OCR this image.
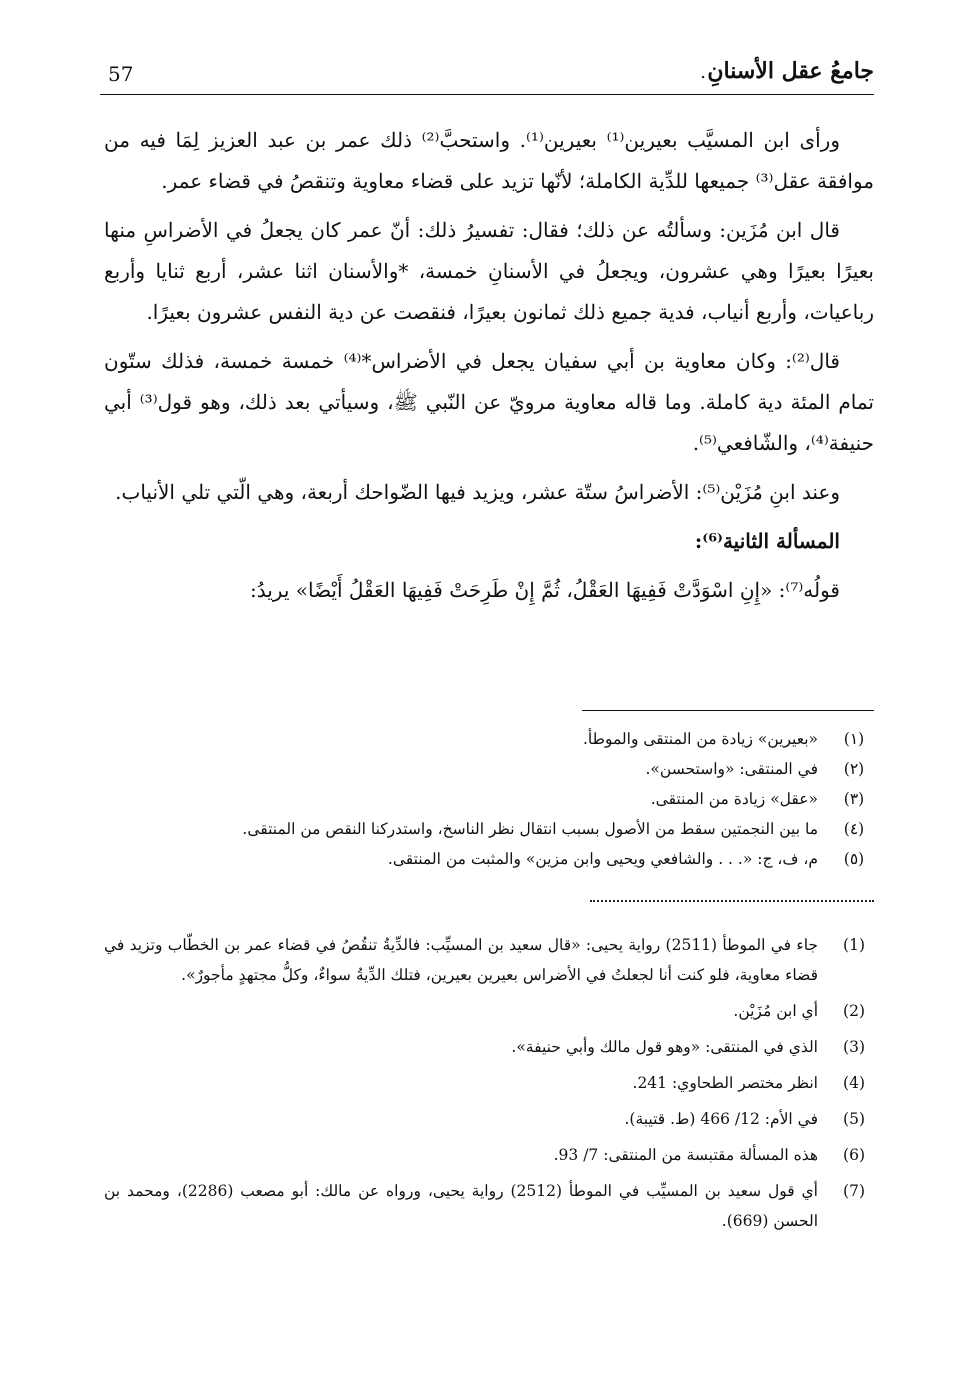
جامعُ عقل الأسنانِ
.
57

ورأى ابن المسيَّب بعيرين⁽¹⁾ بعيرين⁽¹⁾. واستحبَّ⁽²⁾ ذلك عمر بن عبد العزيز لِمَا فيه من موافقة عقل⁽³⁾ جميعها للدِّية الكاملة؛ لأنّها تزيد على قضاء معاوية وتنقصُ في قضاء عمر.

قال ابن مُزَين: وسألتُه عن ذلك؛ فقال: تفسيرُ ذلك: أنّ عمر كان يجعلُ في الأضراسِ منها بعيرًا بعيرًا وهي عشرون، ويجعلُ في الأسنانِ خمسة، *والأسنان اثنا عشر، أربع ثنايا وأربع رباعيات، وأربع أنياب، فدية جميع ذلك ثمانون بعيرًا، فنقصت عن دية النفس عشرون بعيرًا.

قال⁽²⁾: وكان معاوية بن أبي سفيان يجعل في الأضراس*⁽⁴⁾ خمسة خمسة، فذلك ستّون تمام المئة دية كاملة. وما قاله معاوية مرويّ عن النّبي ﷺ، وسيأتي بعد ذلك، وهو قول⁽³⁾ أبي حنيفة⁽⁴⁾، والشّافعي⁽⁵⁾.

وعند ابنِ مُزَيْن⁽⁵⁾: الأضراسُ ستّة عشر، ويزيد فيها الضّواحك أربعة، وهي الّتي تلي الأنياب.

المسألة الثانية⁽⁶⁾:

قولُه⁽⁷⁾: «إِنِ اسْوَدَّتْ فَفِيهَا العَقْلُ، ثُمَّ إِنْ طَرِحَتْ فَفِيهَا العَقْلُ أَيْضًا» يريدُ:

(١)
«بعيرين» زيادة من المنتقى والموطأ.
(٢)
في المنتقى: «واستحسن».
(٣)
«عقل» زيادة من المنتقى.
(٤)
ما بين النجمتين سقط من الأصول بسبب انتقال نظر الناسخ، واستدركنا النقص من المنتقى.
(٥)
م، ف، ج: «. . . والشافعي ويحيى وابن مزين» والمثبت من المنتقى.
(1)
جاء في الموطأ (2511) رواية يحيى: «قال سعيد بن المسيِّب: فالدِّيةُ تنقُصُ في قضاء عمر بن الخطّاب وتزيد في قضاء معاوية، فلو كنت أنا لجعلتُ في الأضراس بعيرين بعيرين، فتلك الدِّيةُ سواءٌ، وكلُّ مجتهدٍ مأجورٌ».
(2)
أي ابن مُزَيْن.
(3)
الذي في المنتقى: «وهو قول مالك وأبي حنيفة».
(4)
انظر مختصر الطحاوي: 241.
(5)
في الأم: 12/ 466 (ط. قتيبة).
(6)
هذه المسألة مقتبسة من المنتقى: 7/ 93.
(7)
أي قول سعيد بن المسيِّب في الموطأ (2512) رواية يحيى، ورواه عن مالك: أبو مصعب (2286)، ومحمد بن الحسن (669).
